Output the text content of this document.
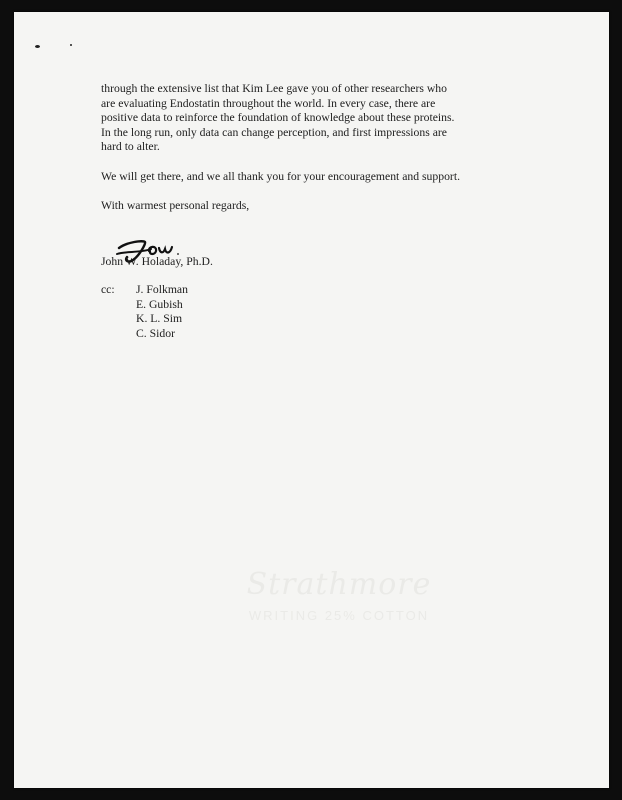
through the extensive list that Kim Lee gave you of other researchers who
are evaluating Endostatin throughout the world. In every case, there are
positive data to reinforce the foundation of knowledge about these proteins.
In the long run, only data can change perception, and first impressions are
hard to alter.

We will get there, and we all thank you for your encouragement and support.

With warmest personal regards,

John W. Holaday, Ph.D.
cc: J. Folkman
E. Gubish
K. L. Sim
C. Sidor
Strathmore
WRITING 25% COTTON
